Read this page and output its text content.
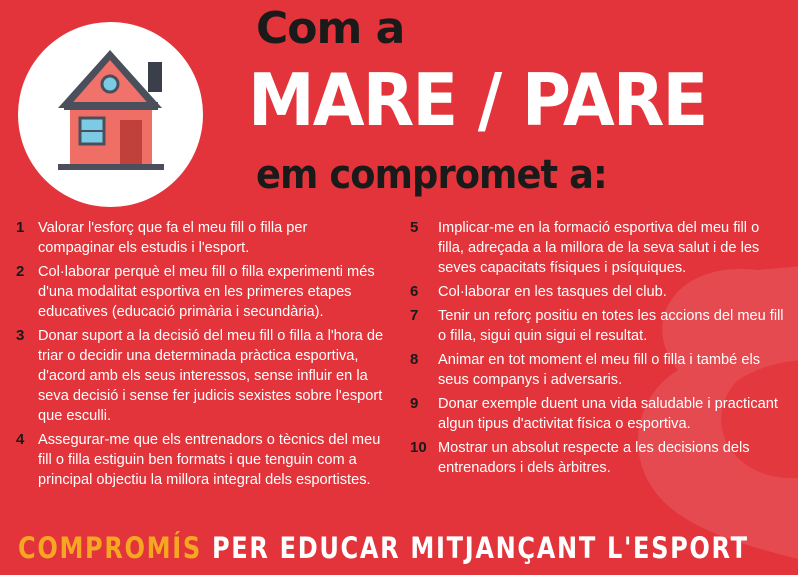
Com a
MARE / PARE
em compromet a:
1 Valorar l'esforç que fa el meu fill o filla per compaginar els estudis i l'esport.
2 Col·laborar perquè el meu fill o filla experimenti més d'una modalitat esportiva en les primeres etapes educatives (educació primària i secundària).
3 Donar suport a la decisió del meu fill o filla a l'hora de triar o decidir una determinada pràctica esportiva, d'acord amb els seus interessos, sense influir en la seva decisió i sense fer judicis sexistes sobre l'esport que esculli.
4 Assegurar-me que els entrenadors o tècnics del meu fill o filla estiguin ben formats i que tenguin com a principal objectiu la millora integral dels esportistes.
5	Implicar-me en la formació esportiva del meu fill o filla, adreçada a la millora de la seva salut i de les seves capacitats físiques i psíquiques.
6	Col·laborar en les tasques del club.
7	Tenir un reforç positiu en totes les accions del meu fill o filla, sigui quin sigui el resultat.
8	Animar en tot moment el meu fill o filla i també els seus companys i adversaris.
9	Donar exemple duent una vida saludable i practicant algun tipus d'activitat física o esportiva.
10 Mostrar un absolut respecte a les decisions dels entrenadors i dels àrbitres.
COMPROMÍS PER EDUCAR MITJANÇANT L'ESPORT
